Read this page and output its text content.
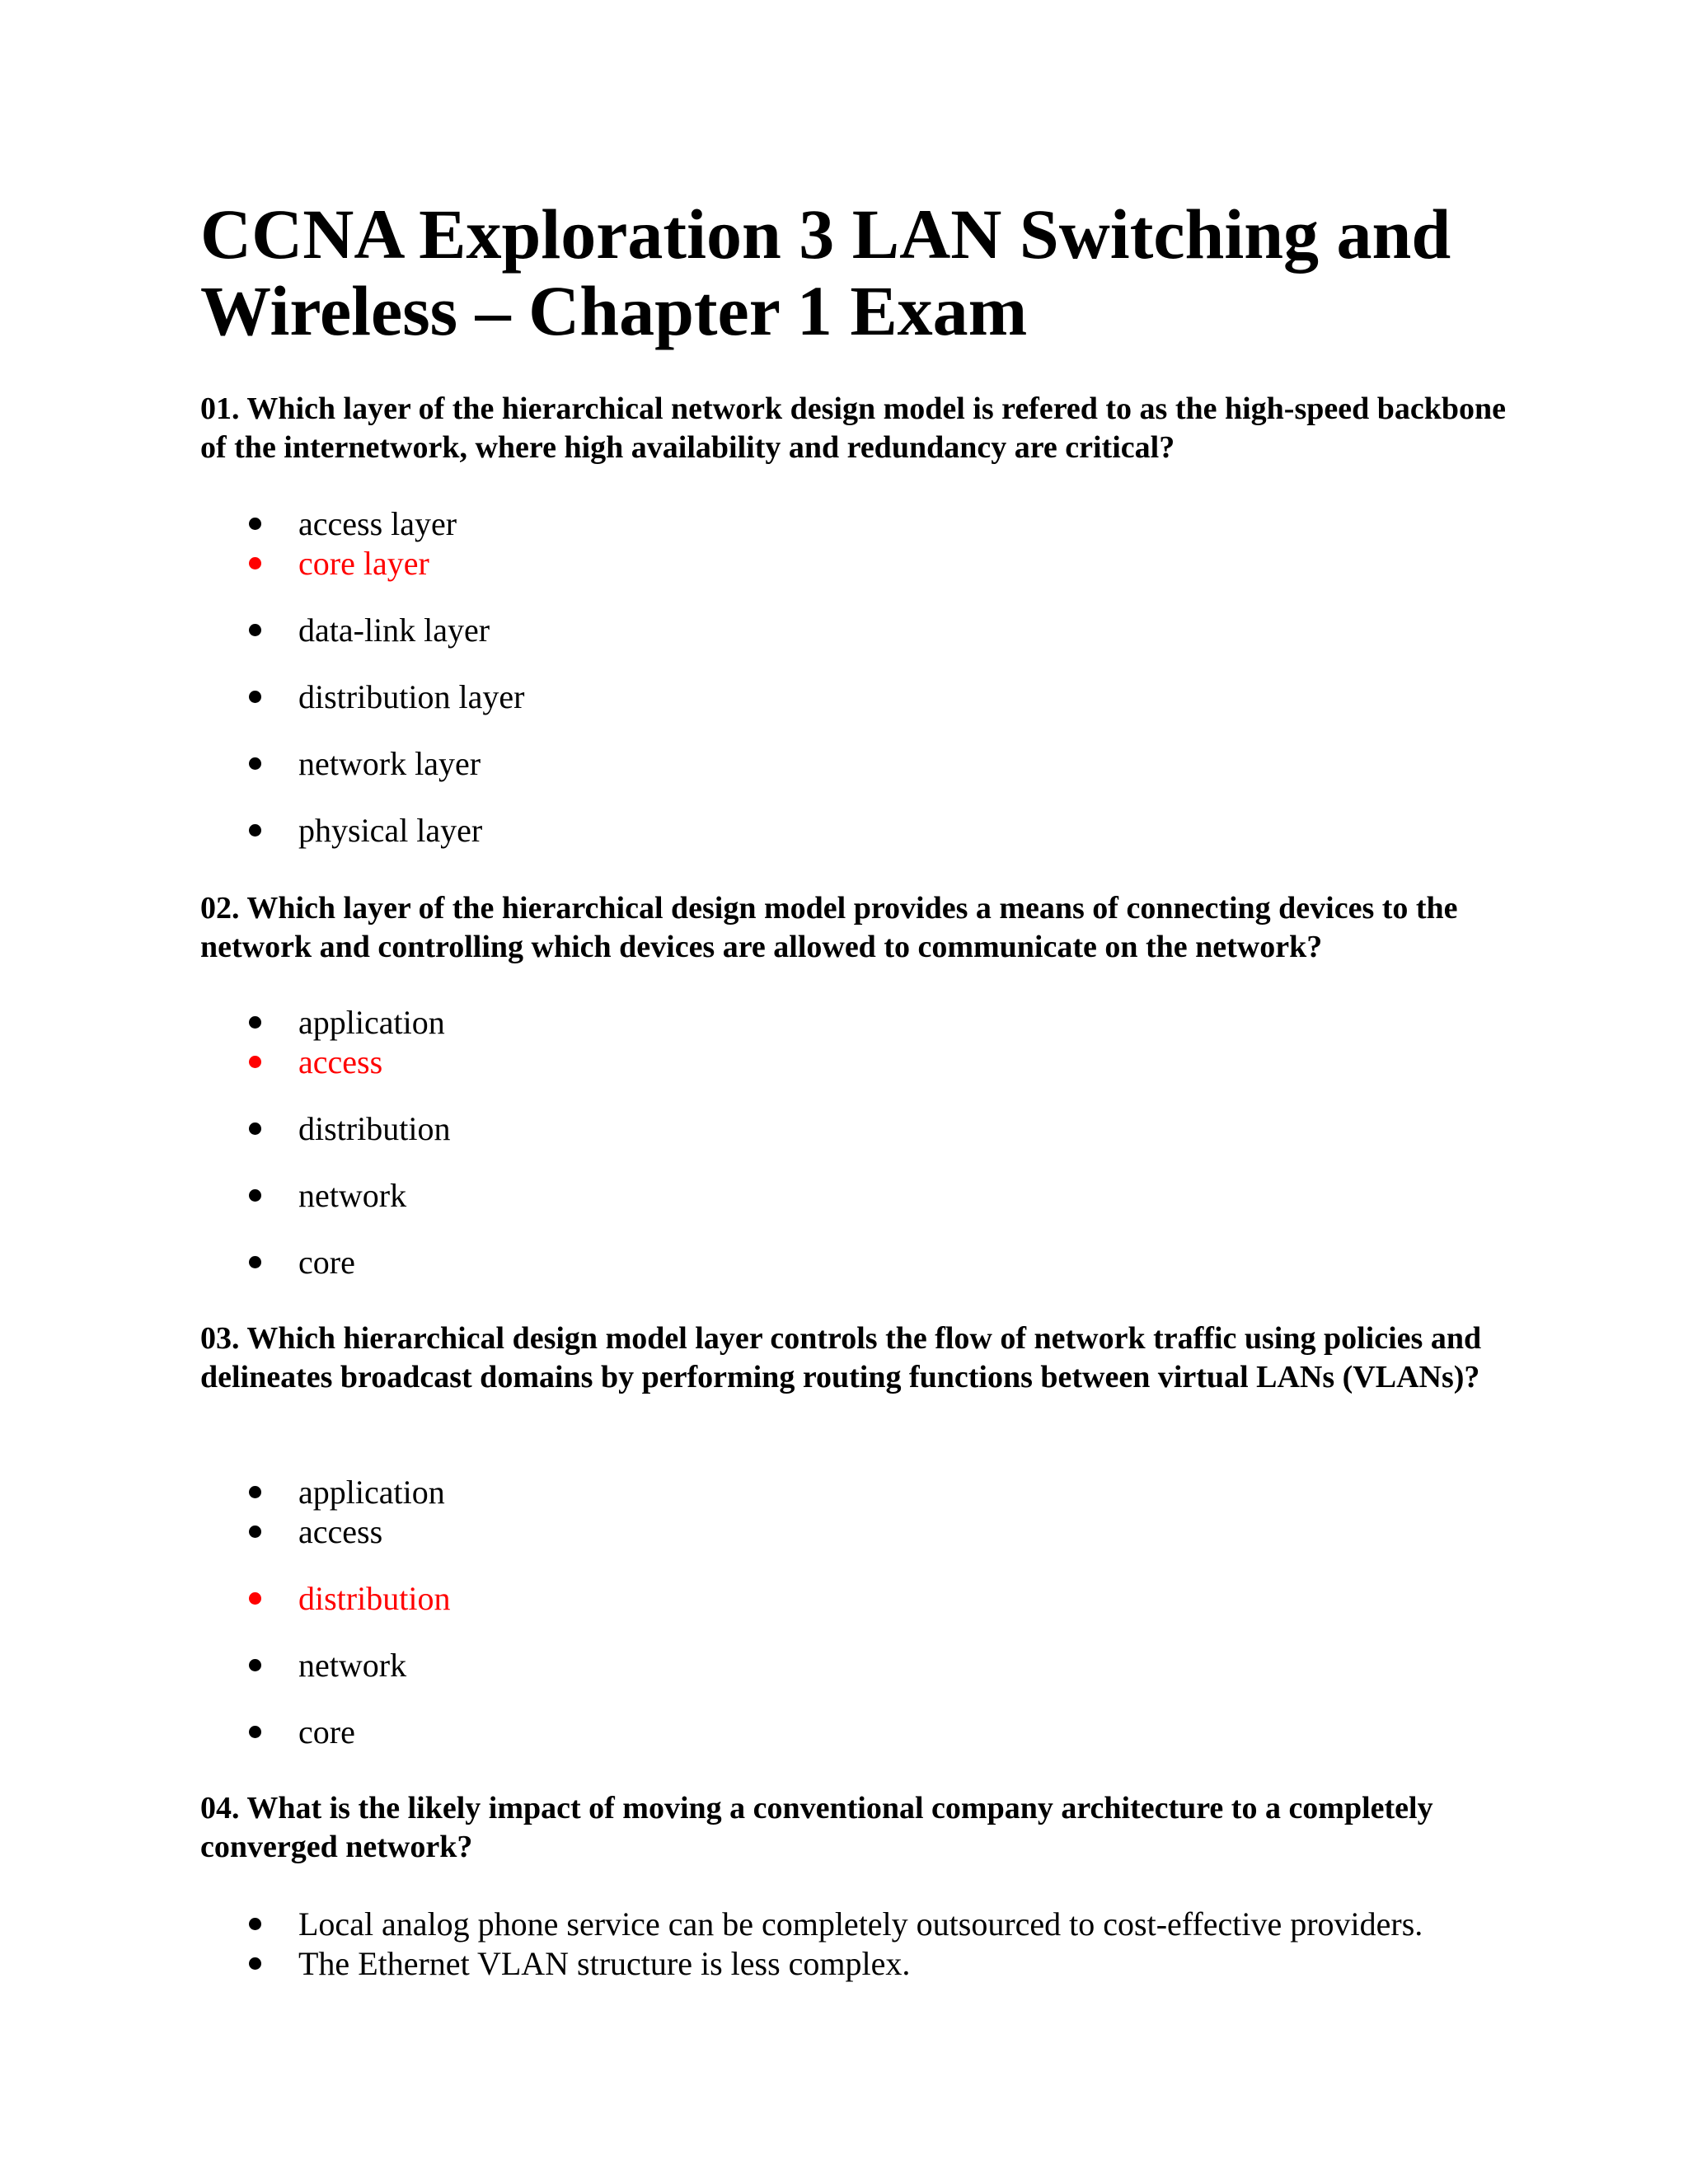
CCNA Exploration 3 LAN Switching and Wireless – Chapter 1 Exam

01. Which layer of the hierarchical network design model is refered to as the high-speed backbone of the internetwork, where high availability and redundancy are critical?

access layer
core layer
data-link layer
distribution layer
network layer
physical layer

02. Which layer of the hierarchical design model provides a means of connecting devices to the network and controlling which devices are allowed to communicate on the network?

application
access
distribution
network
core

03. Which hierarchical design model layer controls the flow of network traffic using policies and delineates broadcast domains by performing routing functions between virtual LANs (VLANs)?

application
access
distribution
network
core

04. What is the likely impact of moving a conventional company architecture to a completely converged network?

Local analog phone service can be completely outsourced to cost-effective providers.
The Ethernet VLAN structure is less complex.
